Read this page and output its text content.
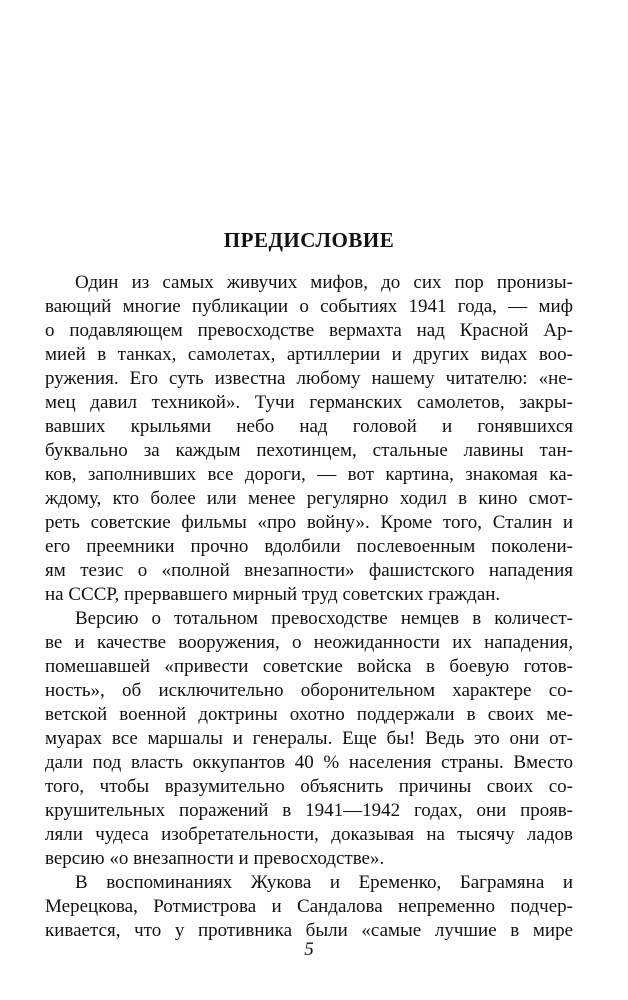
ПРЕДИСЛОВИЕ
Один из самых живучих мифов, до сих пор пронизы-
вающий многие публикации о событиях 1941 года, — миф
о подавляющем превосходстве вермахта над Красной Ар-
мией в танках, самолетах, артиллерии и других видах воо-
ружения. Его суть известна любому нашему читателю: «не-
мец давил техникой». Тучи германских самолетов, закры-
вавших крыльями небо над головой и гонявшихся
буквально за каждым пехотинцем, стальные лавины тан-
ков, заполнивших все дороги, — вот картина, знакомая ка-
ждому, кто более или менее регулярно ходил в кино смот-
реть советские фильмы «про войну». Кроме того, Сталин и
его преемники прочно вдолбили послевоенным поколени-
ям тезис о «полной внезапности» фашистского нападения
на СССР, прервавшего мирный труд советских граждан.
Версию о тотальном превосходстве немцев в количест-
ве и качестве вооружения, о неожиданности их нападения,
помешавшей «привести советские войска в боевую готов-
ность», об исключительно оборонительном характере со-
ветской военной доктрины охотно поддержали в своих ме-
муарах все маршалы и генералы. Еще бы! Ведь это они от-
дали под власть оккупантов 40 % населения страны. Вместо
того, чтобы вразумительно объяснить причины своих со-
крушительных поражений в 1941—1942 годах, они прояв-
ляли чудеса изобретательности, доказывая на тысячу ладов
версию «о внезапности и превосходстве».
В воспоминаниях Жукова и Еременко, Баграмяна и
Мерецкова, Ротмистрова и Сандалова непременно подчер-
кивается, что у противника были «самые лучшие в мире
5
